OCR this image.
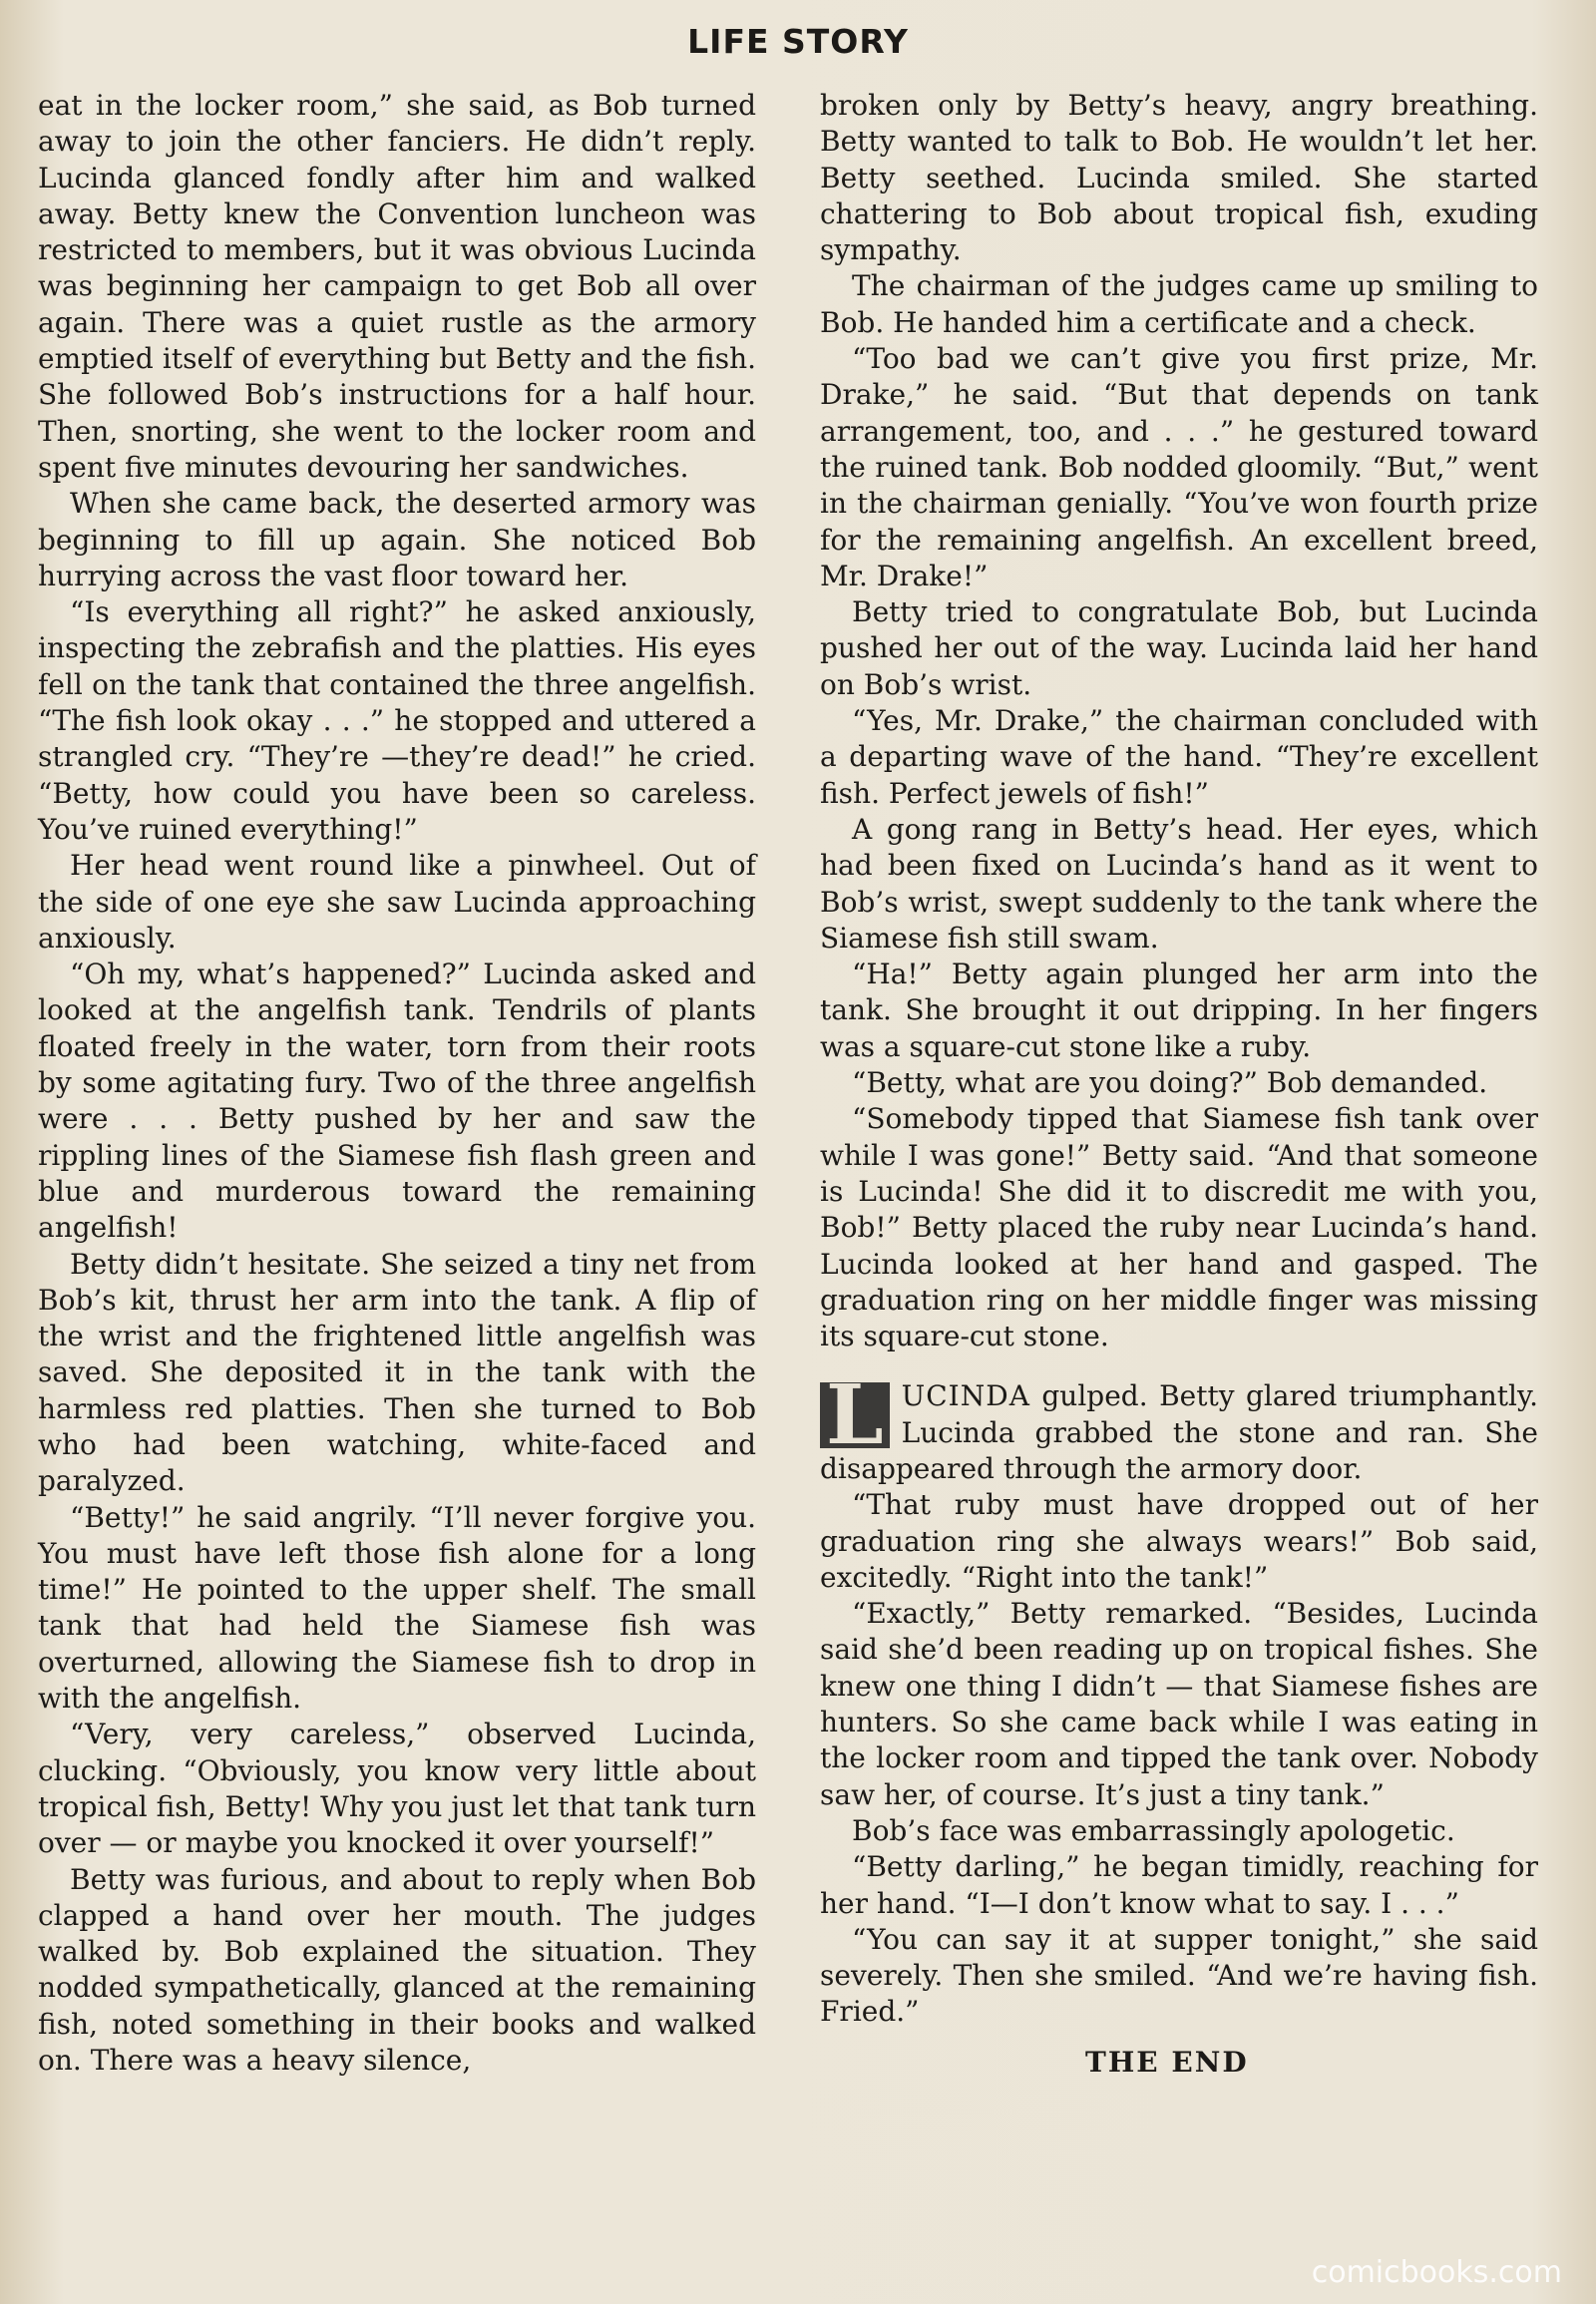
LIFE STORY

eat in the locker room,” she said, as Bob turned away to join the other fanciers. He didn’t reply. Lucinda glanced fondly after him and walked away. Betty knew the Convention luncheon was restricted to members, but it was obvious Lucinda was beginning her campaign to get Bob all over again. There was a quiet rustle as the armory emptied itself of everything but Betty and the fish. She followed Bob’s instructions for a half hour. Then, snorting, she went to the locker room and spent five minutes devouring her sandwiches.

When she came back, the deserted armory was beginning to fill up again. She noticed Bob hurrying across the vast floor toward her.

“Is everything all right?” he asked anxiously, inspecting the zebrafish and the platties. His eyes fell on the tank that contained the three angelfish. “The fish look okay . . .” he stopped and uttered a strangled cry. “They’re —they’re dead!” he cried. “Betty, how could you have been so careless. You’ve ruined everything!”

Her head went round like a pinwheel. Out of the side of one eye she saw Lucinda approaching anxiously.

“Oh my, what’s happened?” Lucinda asked and looked at the angelfish tank. Tendrils of plants floated freely in the water, torn from their roots by some agitating fury. Two of the three angelfish were . . . Betty pushed by her and saw the rippling lines of the Siamese fish flash green and blue and murderous toward the remaining angelfish!

Betty didn’t hesitate. She seized a tiny net from Bob’s kit, thrust her arm into the tank. A flip of the wrist and the frightened little angelfish was saved. She deposited it in the tank with the harmless red platties. Then she turned to Bob who had been watching, white-faced and paralyzed.

“Betty!” he said angrily. “I’ll never forgive you. You must have left those fish alone for a long time!” He pointed to the upper shelf. The small tank that had held the Siamese fish was overturned, allowing the Siamese fish to drop in with the angelfish.

“Very, very careless,” observed Lucinda, clucking. “Obviously, you know very little about tropical fish, Betty! Why you just let that tank turn over — or maybe you knocked it over yourself!”

Betty was furious, and about to reply when Bob clapped a hand over her mouth. The judges walked by. Bob explained the situation. They nodded sympathetically, glanced at the remaining fish, noted something in their books and walked on. There was a heavy silence,

broken only by Betty’s heavy, angry breathing. Betty wanted to talk to Bob. He wouldn’t let her. Betty seethed. Lucinda smiled. She started chattering to Bob about tropical fish, exuding sympathy.

The chairman of the judges came up smiling to Bob. He handed him a certificate and a check.

“Too bad we can’t give you first prize, Mr. Drake,” he said. “But that depends on tank arrangement, too, and . . .” he gestured toward the ruined tank. Bob nodded gloomily. “But,” went in the chairman genially. “You’ve won fourth prize for the remaining angelfish. An excellent breed, Mr. Drake!”

Betty tried to congratulate Bob, but Lucinda pushed her out of the way. Lucinda laid her hand on Bob’s wrist.

“Yes, Mr. Drake,” the chairman concluded with a departing wave of the hand. “They’re excellent fish. Perfect jewels of fish!”

A gong rang in Betty’s head. Her eyes, which had been fixed on Lucinda’s hand as it went to Bob’s wrist, swept suddenly to the tank where the Siamese fish still swam.

“Ha!” Betty again plunged her arm into the tank. She brought it out dripping. In her fingers was a square-cut stone like a ruby.

“Betty, what are you doing?” Bob demanded.

“Somebody tipped that Siamese fish tank over while I was gone!” Betty said. “And that someone is Lucinda! She did it to discredit me with you, Bob!” Betty placed the ruby near Lucinda’s hand. Lucinda looked at her hand and gasped. The graduation ring on her middle finger was missing its square-cut stone.

L UCINDA gulped. Betty glared triumphantly. Lucinda grabbed the stone and ran. She disappeared through the armory door.

“That ruby must have dropped out of her graduation ring she always wears!” Bob said, excitedly. “Right into the tank!”

“Exactly,” Betty remarked. “Besides, Lucinda said she’d been reading up on tropical fishes. She knew one thing I didn’t — that Siamese fishes are hunters. So she came back while I was eating in the locker room and tipped the tank over. Nobody saw her, of course. It’s just a tiny tank.”

Bob’s face was embarrassingly apologetic.

“Betty darling,” he began timidly, reaching for her hand. “I—I don’t know what to say. I . . .”

“You can say it at supper tonight,” she said severely. Then she smiled. “And we’re having fish. Fried.”

THE END
comicbooks.com
